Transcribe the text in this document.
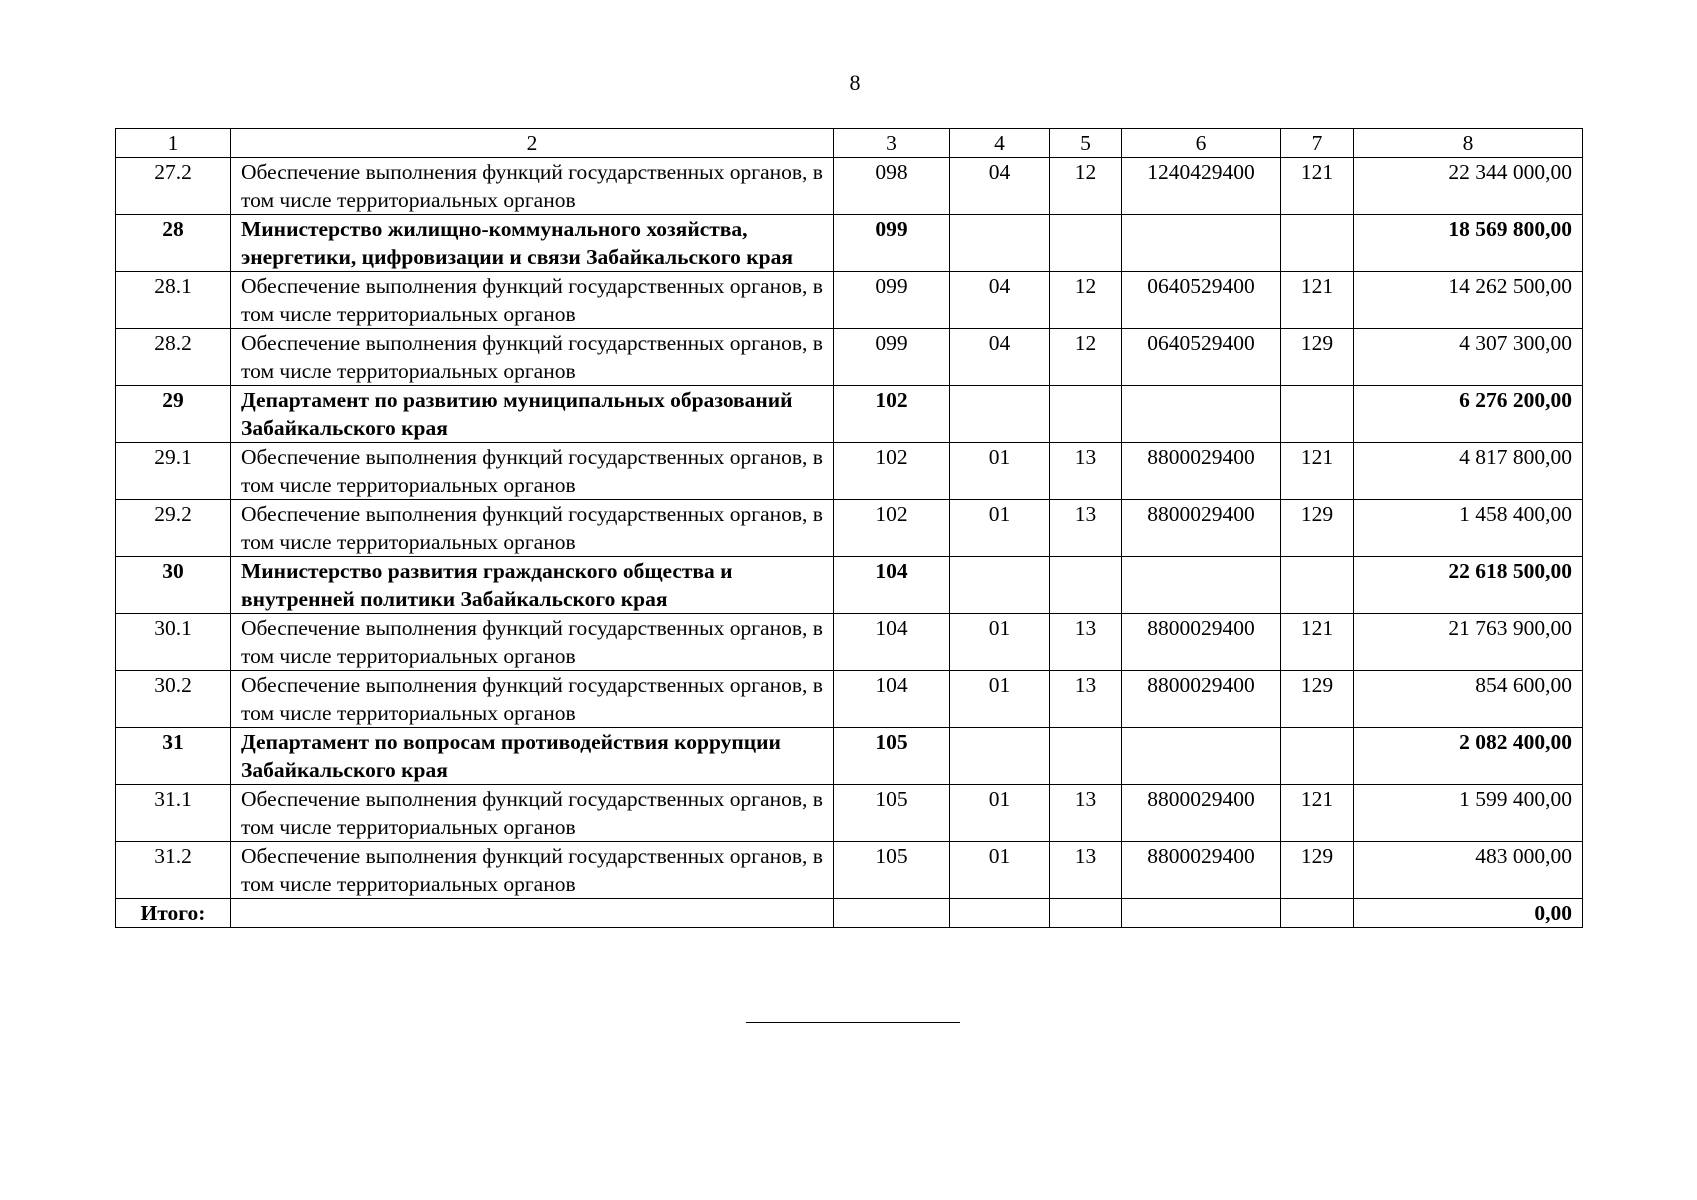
8
1	2	3	4	5	6	7	8
27.2	Обеспечение выполнения функций государственных органов, в том числе территориальных органов	098	04	12	1240429400	121	22 344 000,00
28	Министерство жилищно-коммунального хозяйства, энергетики, цифровизации и связи Забайкальского края	099					18 569 800,00
28.1	Обеспечение выполнения функций государственных органов, в том числе территориальных органов	099	04	12	0640529400	121	14 262 500,00
28.2	Обеспечение выполнения функций государственных органов, в том числе территориальных органов	099	04	12	0640529400	129	4 307 300,00
29	Департамент по развитию муниципальных образований Забайкальского края	102					6 276 200,00
29.1	Обеспечение выполнения функций государственных органов, в том числе территориальных органов	102	01	13	8800029400	121	4 817 800,00
29.2	Обеспечение выполнения функций государственных органов, в том числе территориальных органов	102	01	13	8800029400	129	1 458 400,00
30	Министерство развития гражданского общества и внутренней политики Забайкальского края	104					22 618 500,00
30.1	Обеспечение выполнения функций государственных органов, в том числе территориальных органов	104	01	13	8800029400	121	21 763 900,00
30.2	Обеспечение выполнения функций государственных органов, в том числе территориальных органов	104	01	13	8800029400	129	854 600,00
31	Департамент по вопросам противодействия коррупции Забайкальского края	105					2 082 400,00
31.1	Обеспечение выполнения функций государственных органов, в том числе территориальных органов	105	01	13	8800029400	121	1 599 400,00
31.2	Обеспечение выполнения функций государственных органов, в том числе территориальных органов	105	01	13	8800029400	129	483 000,00
Итого:							0,00
